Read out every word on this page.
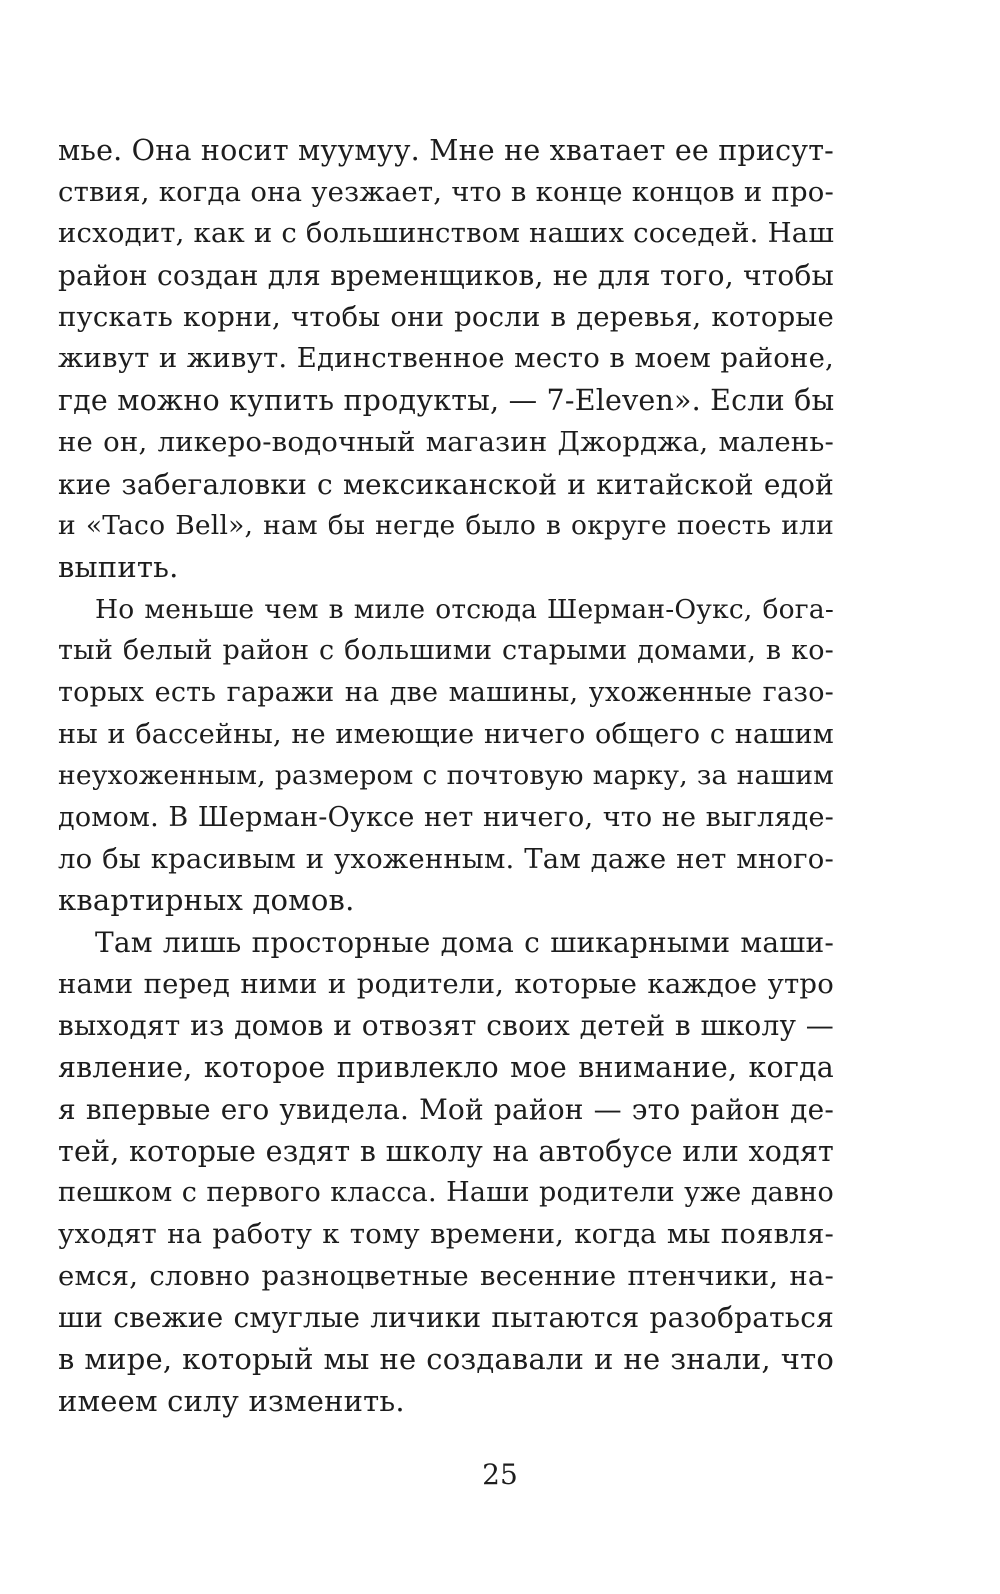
мье. Она носит муумуу. Мне не хватает ее присут-
ствия, когда она уезжает, что в конце концов и про-
исходит, как и с большинством наших соседей. Наш
район создан для временщиков, не для того, чтобы
пускать корни, чтобы они росли в деревья, которые
живут и живут. Единственное место в моем районе,
где можно купить продукты, — 7-Eleven». Если бы
не он, ликеро-водочный магазин Джорджа, малень-
кие забегаловки с мексиканской и китайской едой
и «Taco Bell», нам бы негде было в округе поесть или
выпить.
Но меньше чем в миле отсюда Шерман-Оукс, бога-
тый белый район с большими старыми домами, в ко-
торых есть гаражи на две машины, ухоженные газо-
ны и бассейны, не имеющие ничего общего с нашим
неухоженным, размером с почтовую марку, за нашим
домом. В Шерман-Оуксе нет ничего, что не выгляде-
ло бы красивым и ухоженным. Там даже нет много-
квартирных домов.
Там лишь просторные дома с шикарными маши-
нами перед ними и родители, которые каждое утро
выходят из домов и отвозят своих детей в школу —
явление, которое привлекло мое внимание, когда
я впервые его увидела. Мой район — это район де-
тей, которые ездят в школу на автобусе или ходят
пешком с первого класса. Наши родители уже давно
уходят на работу к тому времени, когда мы появля-
емся, словно разноцветные весенние птенчики, на-
ши свежие смуглые личики пытаются разобраться
в мире, который мы не создавали и не знали, что
имеем силу изменить.
25
